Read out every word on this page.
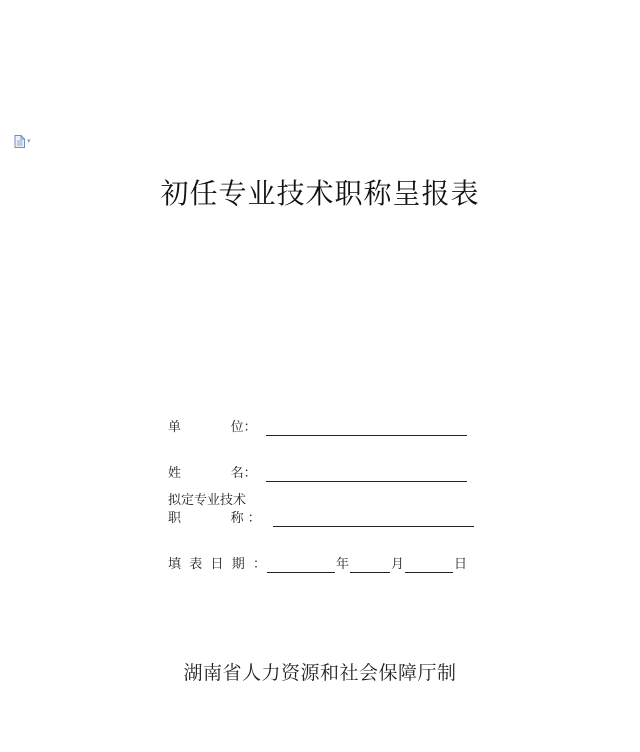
▾
初任专业技术职称呈报表
单            位：
姓            名：
拟定专业技术
职            称 ：
填  表  日  期  ：	年	月	日
湖南省人力资源和社会保障厅制
